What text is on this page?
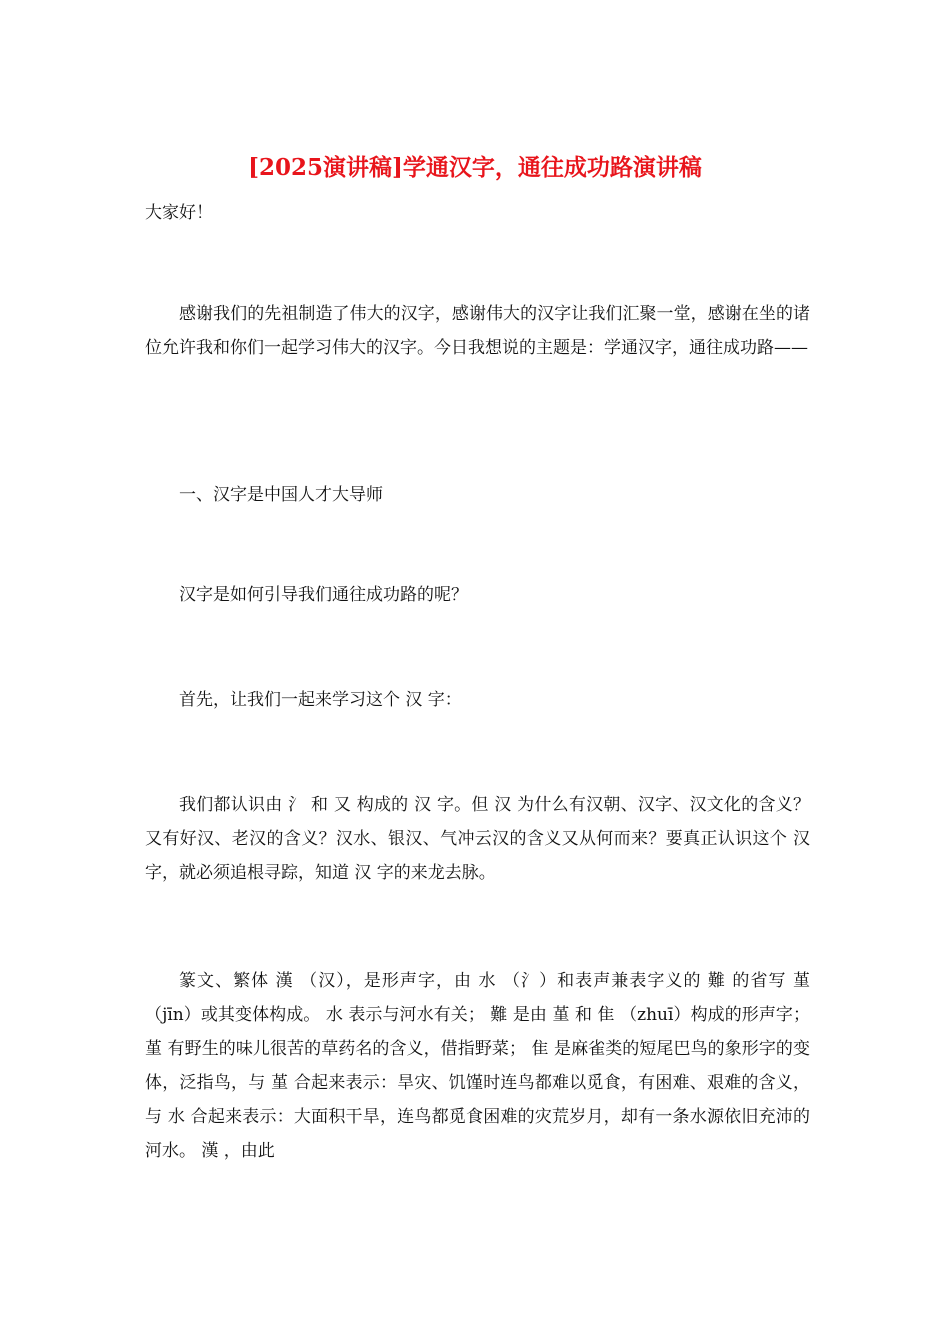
[2025演讲稿]学通汉字，通往成功路演讲稿

大家好！

感谢我们的先祖制造了伟大的汉字，感谢伟大的汉字让我们汇聚一堂，感谢在坐的诸位允许我和你们一起学习伟大的汉字。今日我想说的主题是：学通汉字，通往成功路——

一、汉字是中国人才大导师

汉字是如何引导我们通往成功路的呢？

首先，让我们一起来学习这个 汉 字：

我们都认识由 氵 和 又 构成的 汉 字。但 汉 为什么有汉朝、汉字、汉文化的含义？又有好汉、老汉的含义？汉水、银汉、气冲云汉的含义又从何而来？要真正认识这个 汉 字，就必须追根寻踪，知道 汉 字的来龙去脉。

篆文、繁体 漢 （汉），是形声字，由 水 （氵）和表声兼表字义的 難 的省写 堇 （jīn）或其变体构成。 水 表示与河水有关； 難 是由 堇 和 隹 （zhuī）构成的形声字； 堇 有野生的味儿很苦的草药名的含义，借指野菜； 隹 是麻雀类的短尾巴鸟的象形字的变体，泛指鸟，与 堇 合起来表示：旱灾、饥馑时连鸟都难以觅食，有困难、艰难的含义，与 水 合起来表示：大面积干旱，连鸟都觅食困难的灾荒岁月，却有一条水源依旧充沛的河水。 漢 ，由此
